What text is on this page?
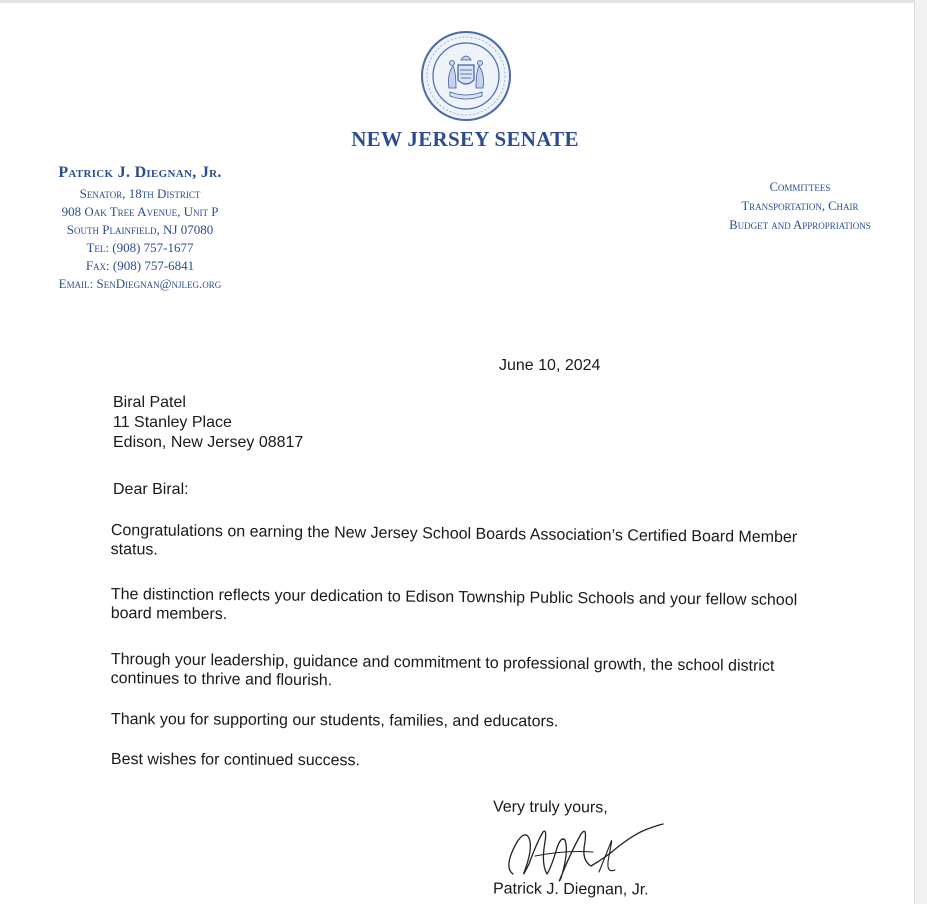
NEW JERSEY SENATE
Patrick J. Diegnan, Jr.
Senator, 18th District
908 Oak Tree Avenue, Unit P
South Plainfield, NJ 07080
Tel: (908) 757-1677
Fax: (908) 757-6841
Email: SenDiegnan@njleg.org
Committees
Transportation, Chair
Budget and Appropriations
June 10, 2024
Biral Patel
11 Stanley Place
Edison, New Jersey 08817
Dear Biral:
Congratulations on earning the New Jersey School Boards Association’s Certified Board Member status.
The distinction reflects your dedication to Edison Township Public Schools and your fellow school board members.
Through your leadership, guidance and commitment to professional growth, the school district continues to thrive and flourish.
Thank you for supporting our students, families, and educators.
Best wishes for continued success.
Very truly yours,
Patrick J. Diegnan, Jr.
